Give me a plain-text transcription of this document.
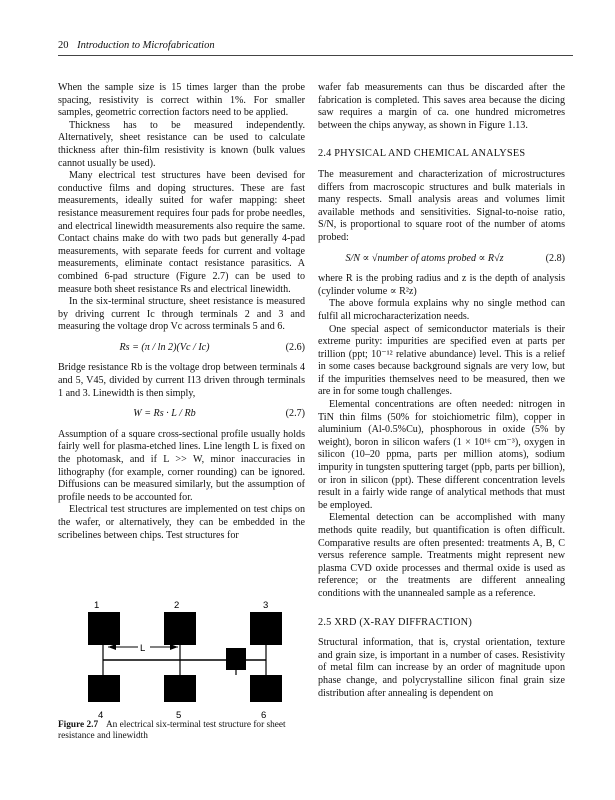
20 Introduction to Microfabrication

When the sample size is 15 times larger than the probe spacing, resistivity is correct within 1%. For smaller samples, geometric correction factors need to be applied.

Thickness has to be measured independently. Alternatively, sheet resistance can be used to calculate thickness after thin-film resistivity is known (bulk values cannot usually be used).

Many electrical test structures have been devised for conductive films and doping structures. These are fast measurements, ideally suited for wafer mapping: sheet resistance measurement requires four pads for probe needles, and electrical linewidth measurements also require the same. Contact chains make do with two pads but generally 4-pad measurements, with separate feeds for current and voltage measurements, eliminate contact resistance parasitics. A combined 6-pad structure (Figure 2.7) can be used to measure both sheet resistance Rs and electrical linewidth.

In the six-terminal structure, sheet resistance is measured by driving current Ic through terminals 2 and 3 and measuring the voltage drop Vc across terminals 5 and 6.

Rs = (π / ln 2)(Vc / Ic)	(2.6)

Bridge resistance Rb is the voltage drop between terminals 4 and 5, V45, divided by current I13 driven through terminals 1 and 3. Linewidth is then simply,

W = Rs · L / Rb	(2.7)

Assumption of a square cross-sectional profile usually holds fairly well for plasma-etched lines. Line length L is fixed on the photomask, and if L >> W, minor inaccuracies in lithography (for example, corner rounding) can be ignored. Diffusions can be measured similarly, but the assumption of profile needs to be accounted for.

Electrical test structures are implemented on test chips on the wafer, or alternatively, they can be embedded in the scribelines between chips. Test structures for

1	2	3
L
4	5	6
Figure 2.7 An electrical six-terminal test structure for sheet resistance and linewidth

wafer fab measurements can thus be discarded after the fabrication is completed. This saves area because the dicing saw requires a margin of ca. one hundred micrometres between the chips anyway, as shown in Figure 1.13.

2.4 PHYSICAL AND CHEMICAL ANALYSES

The measurement and characterization of microstructures differs from macroscopic structures and bulk materials in many respects. Small analysis areas and volumes limit available methods and sensitivities. Signal-to-noise ratio, S/N, is proportional to square root of the number of atoms probed:

S/N ∝ √number of atoms probed ∝ R√z	(2.8)

where R is the probing radius and z is the depth of analysis (cylinder volume ∝ R²z)

The above formula explains why no single method can fulfil all microcharacterization needs.

One special aspect of semiconductor materials is their extreme purity: impurities are specified even at parts per trillion (ppt; 10⁻¹² relative abundance) level. This is a relief in some cases because background signals are very low, but if the impurities themselves need to be measured, then we are in for some tough challenges.

Elemental concentrations are often needed: nitrogen in TiN thin films (50% for stoichiometric film), copper in aluminium (Al-0.5%Cu), phosphorous in oxide (5% by weight), boron in silicon wafers (1 × 10¹⁶ cm⁻³), oxygen in silicon (10–20 ppma, parts per million atoms), sodium impurity in tungsten sputtering target (ppb, parts per billion), or iron in silicon (ppt). These different concentration levels result in a fairly wide range of analytical methods that must be employed.

Elemental detection can be accomplished with many methods quite readily, but quantification is often difficult. Comparative results are often presented: treatments A, B, C versus reference sample. Treatments might represent new plasma CVD oxide processes and thermal oxide is used as reference; or the treatments are different annealing conditions with the unannealed sample as a reference.

2.5 XRD (X-RAY DIFFRACTION)

Structural information, that is, crystal orientation, texture and grain size, is important in a number of cases. Resistivity of metal film can increase by an order of magnitude upon phase change, and polycrystalline silicon final grain size distribution after annealing is dependent on
